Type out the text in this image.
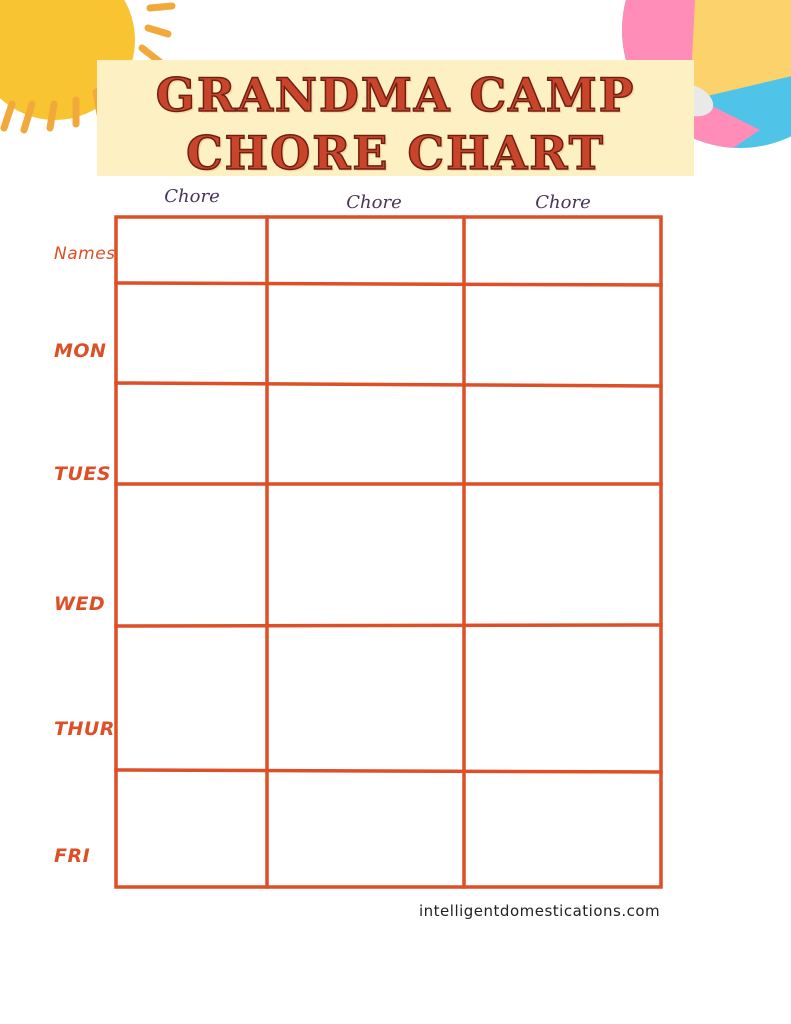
GRANDMA CAMP
CHORE CHART
Chore	Chore	Chore
Names
MON
TUES
WED
THUR
FRI
intelligentdomestications.com
